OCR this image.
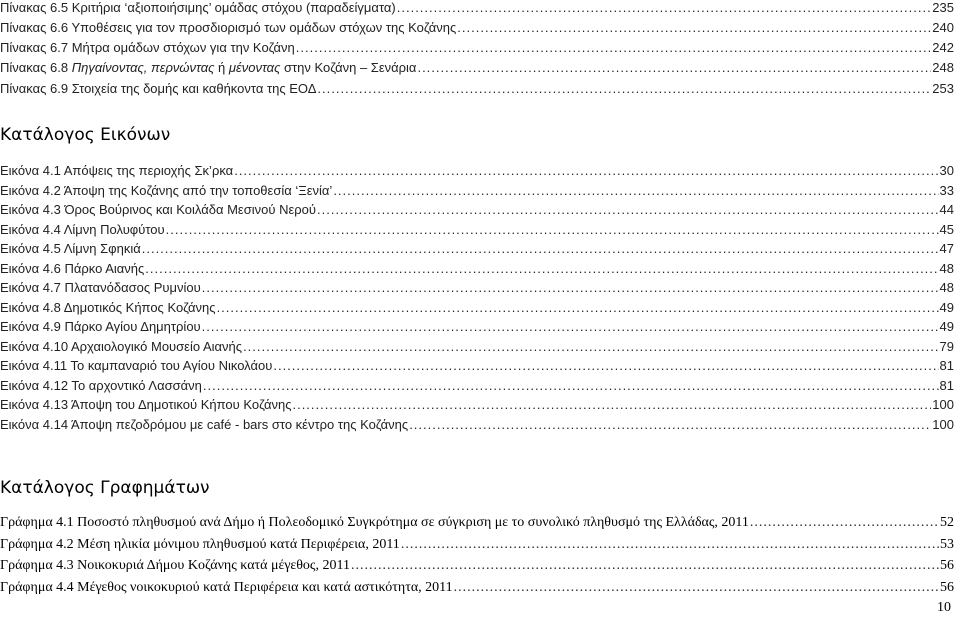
Πίνακας 6.5 Κριτήρια ‘αξιοποιήσιμης’ ομάδας στόχου (παραδείγματα) .....	235
Πίνακας 6.6 Υποθέσεις για τον προσδιορισμό των ομάδων στόχων της Κοζάνης .....	240
Πίνακας 6.7 Μήτρα ομάδων στόχων για την Κοζάνη .....	242
Πίνακας 6.8 Πηγαίνοντας, περνώντας ή μένοντας στην Κοζάνη – Σενάρια .....	248
Πίνακας 6.9 Στοιχεία της δομής και καθήκοντα της ΕΟΔ .....	253
Κατάλογος Εικόνων
Εικόνα 4.1 Απόψεις της περιοχής Σκ’ρκα .....	30
Εικόνα 4.2 Άποψη της Κοζάνης από την τοποθεσία ‘Ξενία’ .....	33
Εικόνα 4.3 Όρος Βούρινος και Κοιλάδα Μεσινού Νερού .....	44
Εικόνα 4.4 Λίμνη Πολυφύτου .....	45
Εικόνα 4.5 Λίμνη Σφηκιά .....	47
Εικόνα 4.6 Πάρκο Αιανής .....	48
Εικόνα 4.7 Πλατανόδασος Ρυμνίου .....	48
Εικόνα 4.8 Δημοτικός Κήπος Κοζάνης .....	49
Εικόνα 4.9 Πάρκο Αγίου Δημητρίου .....	49
Εικόνα 4.10 Αρχαιολογικό Μουσείο Αιανής .....	79
Εικόνα 4.11 Το καμπαναριό του Αγίου Νικολάου .....	81
Εικόνα 4.12 Το αρχοντικό Λασσάνη .....	81
Εικόνα 4.13 Άποψη του Δημοτικού Κήπου Κοζάνης .....	100
Εικόνα 4.14 Άποψη πεζοδρόμου με café - bars στο κέντρο της Κοζάνης .....	100
Κατάλογος Γραφημάτων
Γράφημα 4.1 Ποσοστό πληθυσμού ανά Δήμο ή Πολεοδομικό Συγκρότημα σε σύγκριση με το συνολικό πληθυσμό της Ελλάδας, 2011 .....	52
Γράφημα 4.2 Μέση ηλικία μόνιμου πληθυσμού κατά Περιφέρεια, 2011 .....	53
Γράφημα 4.3 Νοικοκυριά Δήμου Κοζάνης κατά μέγεθος, 2011 .....	56
Γράφημα 4.4 Μέγεθος νοικοκυριού κατά Περιφέρεια και κατά αστικότητα, 2011 .....	56
10
